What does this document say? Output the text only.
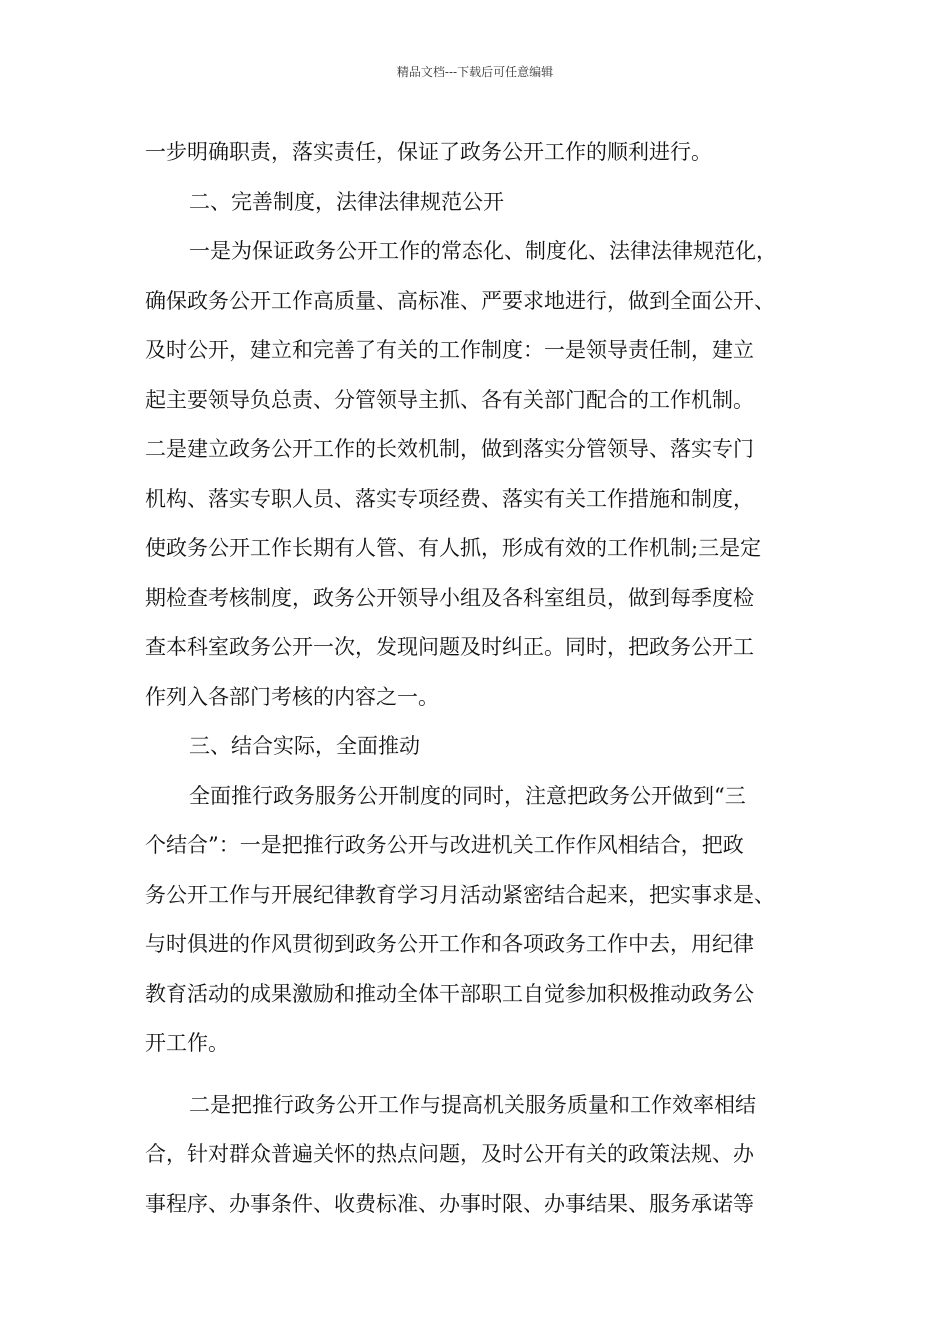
精品文档---下载后可任意编辑
一步明确职责，落实责任，保证了政务公开工作的顺利进行。
二、完善制度，法律法律规范公开
一是为保证政务公开工作的常态化、制度化、法律法律规范化，
确保政务公开工作高质量、高标准、严要求地进行，做到全面公开、
及时公开，建立和完善了有关的工作制度：一是领导责任制，建立
起主要领导负总责、分管领导主抓、各有关部门配合的工作机制。
二是建立政务公开工作的长效机制，做到落实分管领导、落实专门
机构、落实专职人员、落实专项经费、落实有关工作措施和制度，
使政务公开工作长期有人管、有人抓，形成有效的工作机制;三是定
期检查考核制度，政务公开领导小组及各科室组员，做到每季度检
查本科室政务公开一次，发现问题及时纠正。同时，把政务公开工
作列入各部门考核的内容之一。
三、结合实际，全面推动
全面推行政务服务公开制度的同时，注意把政务公开做到“三
个结合”：一是把推行政务公开与改进机关工作作风相结合，把政
务公开工作与开展纪律教育学习月活动紧密结合起来，把实事求是、
与时俱进的作风贯彻到政务公开工作和各项政务工作中去，用纪律
教育活动的成果激励和推动全体干部职工自觉参加积极推动政务公
开工作。
二是把推行政务公开工作与提高机关服务质量和工作效率相结
合，针对群众普遍关怀的热点问题，及时公开有关的政策法规、办
事程序、办事条件、收费标准、办事时限、办事结果、服务承诺等
